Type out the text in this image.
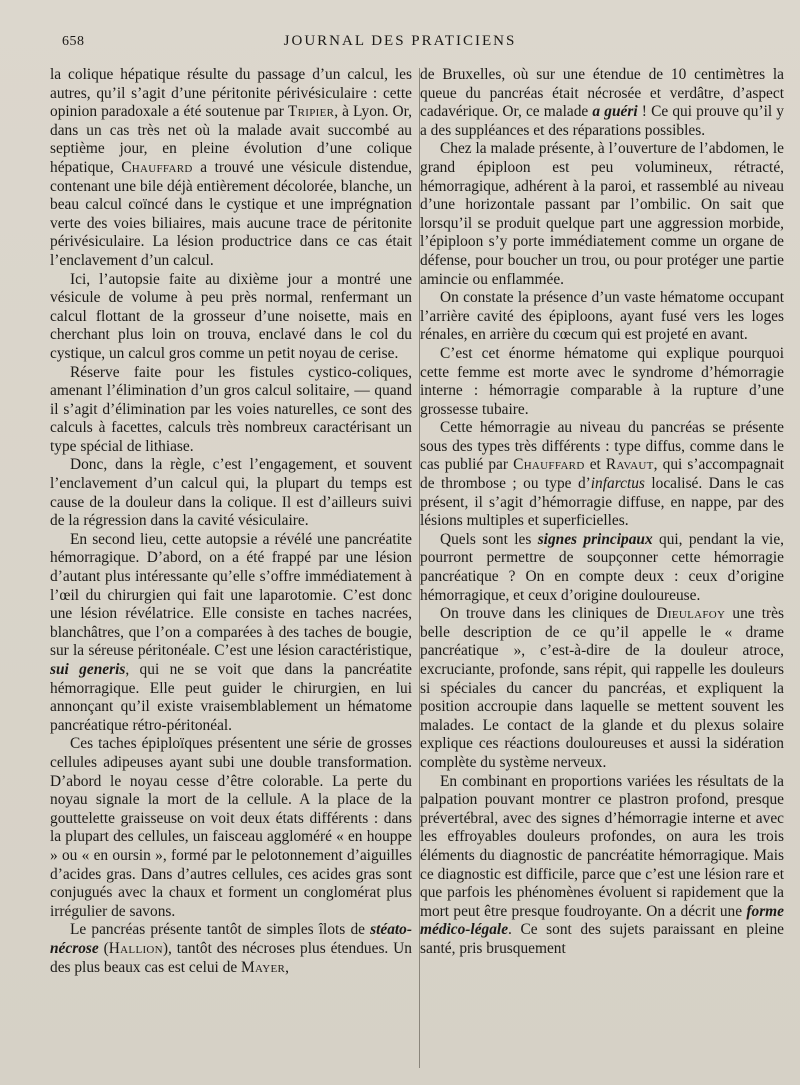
658	JOURNAL DES PRATICIENS

la colique hépatique résulte du passage d’un calcul, les autres, qu’il s’agit d’une péritonite périvésiculaire : cette opinion paradoxale a été soutenue par Tripier, à Lyon. Or, dans un cas très net où la malade avait succombé au septième jour, en pleine évolution d’une colique hépatique, Chauffard a trouvé une vésicule distendue, contenant une bile déjà entièrement décolorée, blanche, un beau calcul coïncé dans le cystique et une imprégnation verte des voies biliaires, mais aucune trace de péritonite périvésiculaire. La lésion productrice dans ce cas était l’enclavement d’un calcul.

Ici, l’autopsie faite au dixième jour a montré une vésicule de volume à peu près normal, renfermant un calcul flottant de la grosseur d’une noisette, mais en cherchant plus loin on trouva, enclavé dans le col du cystique, un calcul gros comme un petit noyau de cerise.

Réserve faite pour les fistules cystico-coliques, amenant l’élimination d’un gros calcul solitaire, — quand il s’agit d’élimination par les voies naturelles, ce sont des calculs à facettes, calculs très nombreux caractérisant un type spécial de lithiase.

Donc, dans la règle, c’est l’engagement, et souvent l’enclavement d’un calcul qui, la plupart du temps est cause de la douleur dans la colique. Il est d’ailleurs suivi de la régression dans la cavité vésiculaire.

En second lieu, cette autopsie a révélé une pancréatite hémorragique. D’abord, on a été frappé par une lésion d’autant plus intéressante qu’elle s’offre immédiatement à l’œil du chirurgien qui fait une laparotomie. C’est donc une lésion révélatrice. Elle consiste en taches nacrées, blanchâtres, que l’on a comparées à des taches de bougie, sur la séreuse péritonéale. C’est une lésion caractéristique, sui generis, qui ne se voit que dans la pancréatite hémorragique. Elle peut guider le chirurgien, en lui annonçant qu’il existe vraisemblablement un hématome pancréatique rétro-péritonéal.

Ces taches épiploïques présentent une série de grosses cellules adipeuses ayant subi une double transformation. D’abord le noyau cesse d’être colorable. La perte du noyau signale la mort de la cellule. A la place de la gouttelette graisseuse on voit deux états différents : dans la plupart des cellules, un faisceau aggloméré « en houppe » ou « en oursin », formé par le pelotonnement d’aiguilles d’acides gras. Dans d’autres cellules, ces acides gras sont conjugués avec la chaux et forment un conglomérat plus irrégulier de savons.

Le pancréas présente tantôt de simples îlots de stéato-nécrose (Hallion), tantôt des nécroses plus étendues. Un des plus beaux cas est celui de Mayer,

de Bruxelles, où sur une étendue de 10 centimètres la queue du pancréas était nécrosée et verdâtre, d’aspect cadavérique. Or, ce malade a guéri ! Ce qui prouve qu’il y a des suppléances et des réparations possibles.

Chez la malade présente, à l’ouverture de l’abdomen, le grand épiploon est peu volumineux, rétracté, hémorragique, adhérent à la paroi, et rassemblé au niveau d’une horizontale passant par l’ombilic. On sait que lorsqu’il se produit quelque part une aggression morbide, l’épiploon s’y porte immédiatement comme un organe de défense, pour boucher un trou, ou pour protéger une partie amincie ou enflammée.

On constate la présence d’un vaste hématome occupant l’arrière cavité des épiploons, ayant fusé vers les loges rénales, en arrière du cœcum qui est projeté en avant.

C’est cet énorme hématome qui explique pourquoi cette femme est morte avec le syndrome d’hémorragie interne : hémorragie comparable à la rupture d’une grossesse tubaire.

Cette hémorragie au niveau du pancréas se présente sous des types très différents : type diffus, comme dans le cas publié par Chauffard et Ravaut, qui s’accompagnait de thrombose ; ou type d’infarctus localisé. Dans le cas présent, il s’agit d’hémorragie diffuse, en nappe, par des lésions multiples et superficielles.

Quels sont les signes principaux qui, pendant la vie, pourront permettre de soupçonner cette hémorragie pancréatique ? On en compte deux : ceux d’origine hémorragique, et ceux d’origine douloureuse.

On trouve dans les cliniques de Dieulafoy une très belle description de ce qu’il appelle le « drame pancréatique », c’est-à-dire de la douleur atroce, excruciante, profonde, sans répit, qui rappelle les douleurs si spéciales du cancer du pancréas, et expliquent la position accroupie dans laquelle se mettent souvent les malades. Le contact de la glande et du plexus solaire explique ces réactions douloureuses et aussi la sidération complète du système nerveux.

En combinant en proportions variées les résultats de la palpation pouvant montrer ce plastron profond, presque prévertébral, avec des signes d’hémorragie interne et avec les effroyables douleurs profondes, on aura les trois éléments du diagnostic de pancréatite hémorragique. Mais ce diagnostic est difficile, parce que c’est une lésion rare et que parfois les phénomènes évoluent si rapidement que la mort peut être presque foudroyante. On a décrit une forme médico-légale. Ce sont des sujets paraissant en pleine santé, pris brusquement
